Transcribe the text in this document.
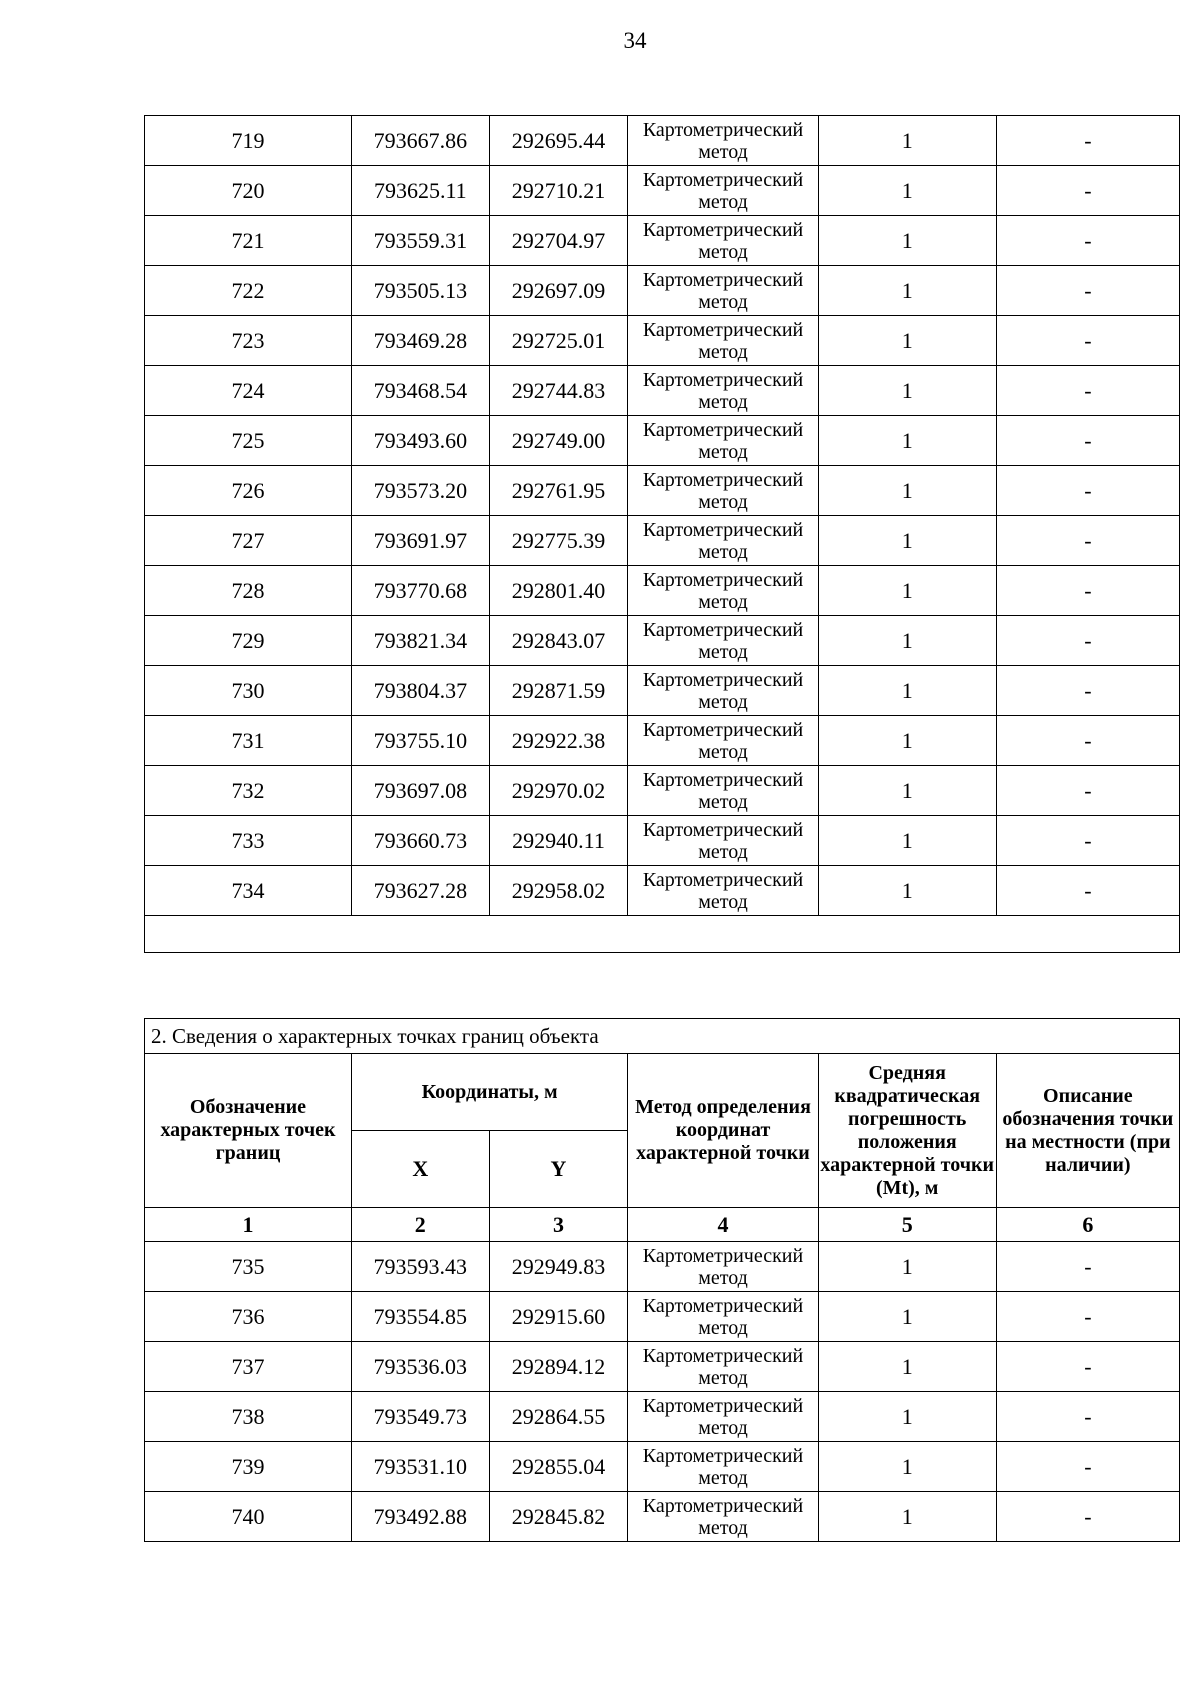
34
719	793667.86	292695.44	Картометрический метод	1	-
720	793625.11	292710.21	Картометрический метод	1	-
721	793559.31	292704.97	Картометрический метод	1	-
722	793505.13	292697.09	Картометрический метод	1	-
723	793469.28	292725.01	Картометрический метод	1	-
724	793468.54	292744.83	Картометрический метод	1	-
725	793493.60	292749.00	Картометрический метод	1	-
726	793573.20	292761.95	Картометрический метод	1	-
727	793691.97	292775.39	Картометрический метод	1	-
728	793770.68	292801.40	Картометрический метод	1	-
729	793821.34	292843.07	Картометрический метод	1	-
730	793804.37	292871.59	Картометрический метод	1	-
731	793755.10	292922.38	Картометрический метод	1	-
732	793697.08	292970.02	Картометрический метод	1	-
733	793660.73	292940.11	Картометрический метод	1	-
734	793627.28	292958.02	Картометрический метод	1	-

2. Сведения о характерных точках границ объекта					
Обозначение характерных точек границ	Координаты, м		Метод определения координат характерной точки	Средняя квадратическая погрешность положения характерной точки (Mt), м	Описание обозначения точки на местности (при наличии)
	X	Y			
1	2	3	4	5	6
735	793593.43	292949.83	Картометрический метод	1	-
736	793554.85	292915.60	Картометрический метод	1	-
737	793536.03	292894.12	Картометрический метод	1	-
738	793549.73	292864.55	Картометрический метод	1	-
739	793531.10	292855.04	Картометрический метод	1	-
740	793492.88	292845.82	Картометрический метод	1	-
